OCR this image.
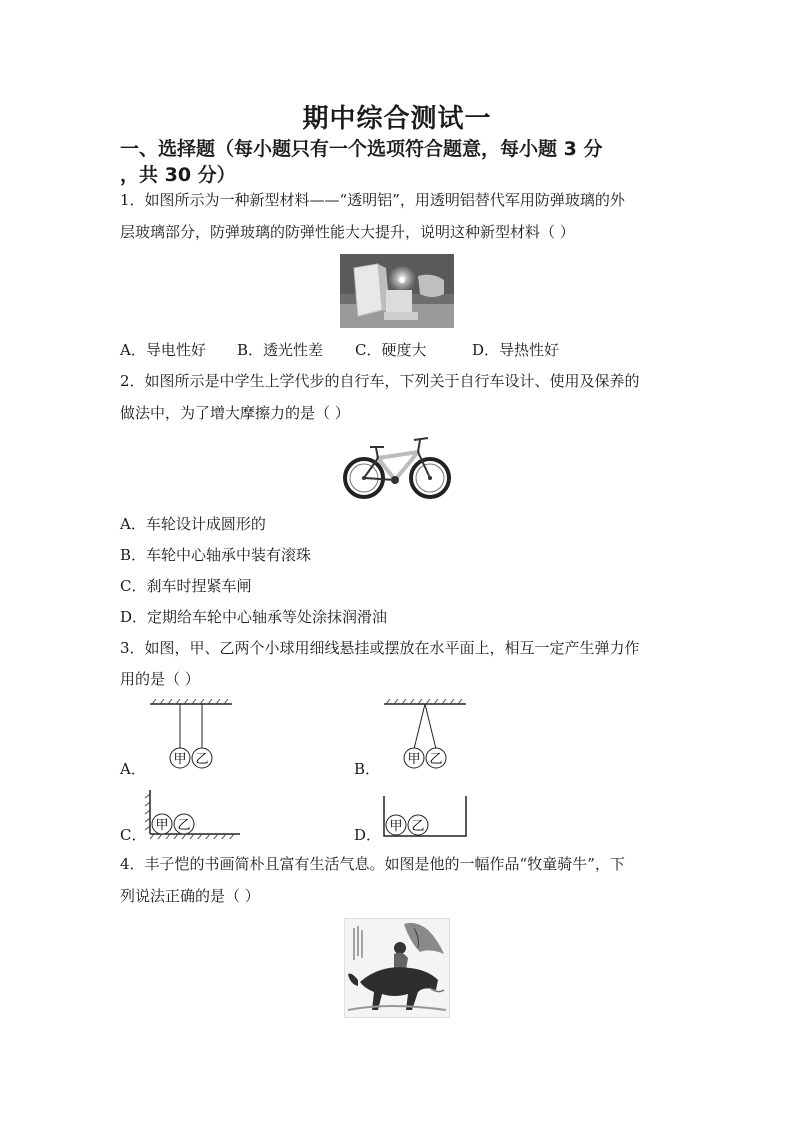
期中综合测试一
一、选择题（每小题只有一个选项符合题意，每小题 3 分
，共 30 分）
1．如图所示为一种新型材料——“透明铝”，用透明铝替代军用防弹玻璃的外
层玻璃部分，防弹玻璃的防弹性能大大提升，说明这种新型材料（ ）
A．导电性好 B．透光性差 C．硬度大	D．导热性好
2．如图所示是中学生上学代步的自行车，下列关于自行车设计、使用及保养的
做法中，为了增大摩擦力的是（ ）
A．车轮设计成圆形的
B．车轮中心轴承中装有滚珠
C．刹车时捏紧车闸
D．定期给车轮中心轴承等处涂抹润滑油
3．如图，甲、乙两个小球用细线悬挂或摆放在水平面上，相互一定产生弹力作
用的是（ ）
A．
甲 乙
B．
甲 乙
C．
甲 乙
D． 甲 乙
4．丰子恺的书画简朴且富有生活气息。如图是他的一幅作品“牧童骑牛”，下
列说法正确的是（ ）
